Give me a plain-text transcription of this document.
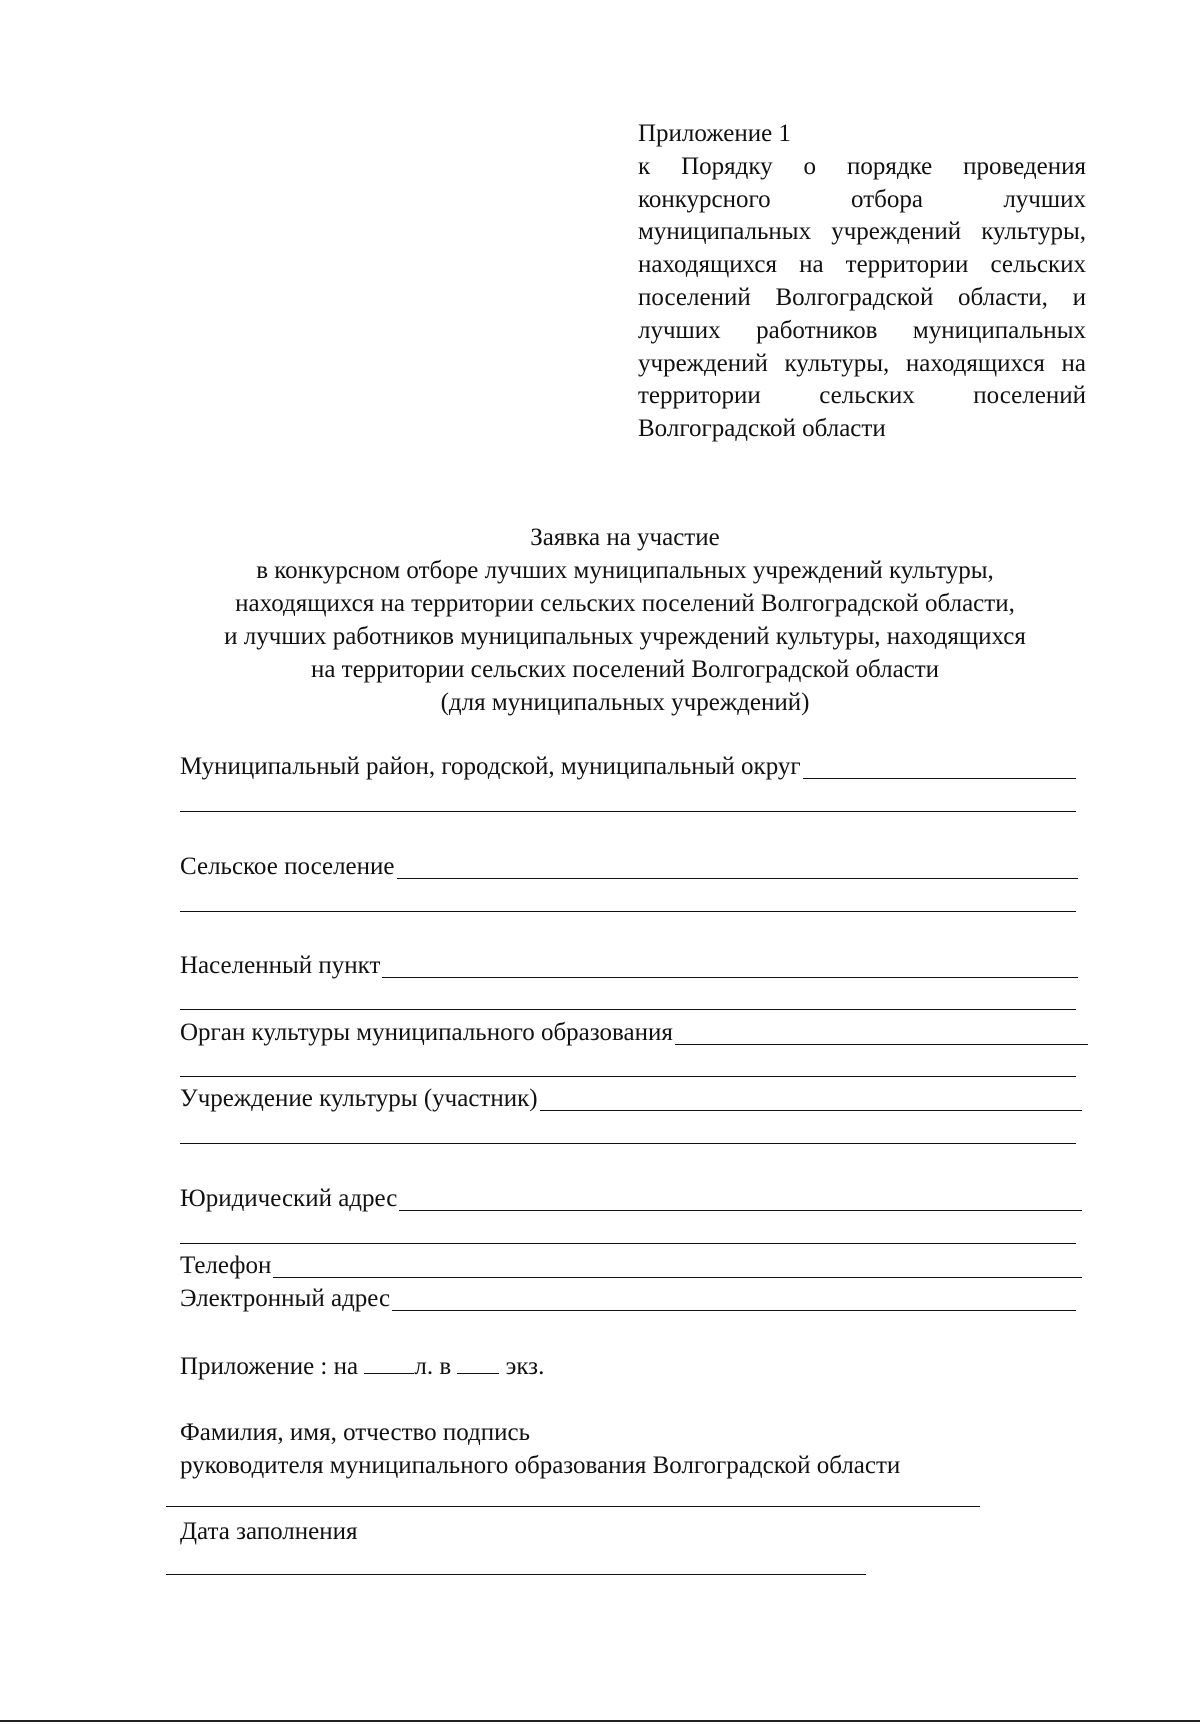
Приложение 1
к Порядку о порядке проведения конкурсного отбора лучших муниципальных учреждений культуры, находящихся на территории сельских поселений Волгоградской области, и лучших работников муниципальных учреждений культуры, находящихся на территории сельских поселений Волгоградской области
Заявка на участие
в конкурсном отборе лучших муниципальных учреждений культуры,
находящихся на территории сельских поселений Волгоградской области,
и лучших работников муниципальных учреждений культуры, находящихся
на территории сельских поселений Волгоградской области
(для муниципальных учреждений)
Муниципальный район, городской, муниципальный округ
Сельское поселение
Населенный пункт
Орган культуры муниципального образования
Учреждение культуры (участник)
Юридический адрес
Телефон
Электронный адрес
Приложение : на л. в  экз.
Фамилия, имя, отчество подпись
руководителя муниципального образования Волгоградской области
Дата заполнения
